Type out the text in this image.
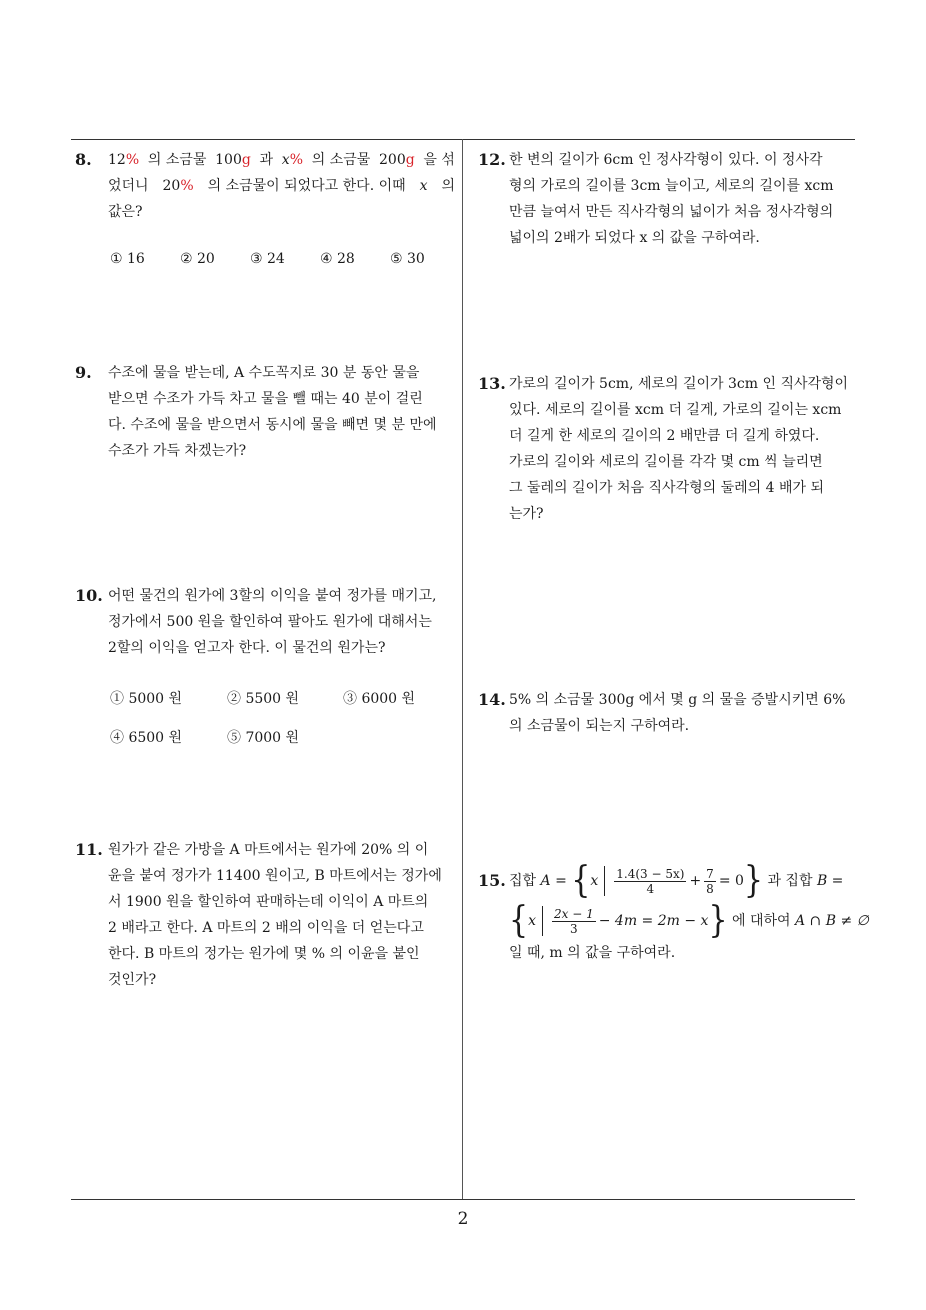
8. 12% 의 소금물 100g 과 x% 의 소금물 200g 을 섞
었더니 20% 의 소금물이 되었다고 한다. 이때 x 의
값은?
① 16	② 20	③ 24	④ 28	⑤ 30
9. 수조에 물을 받는데, A 수도꼭지로 30 분 동안 물을
받으면 수조가 가득 차고 물을 뺄 때는 40 분이 걸린
다. 수조에 물을 받으면서 동시에 물을 빼면 몇 분 만에
수조가 가득 차겠는가?
10. 어떤 물건의 원가에 3할의 이익을 붙여 정가를 매기고,
정가에서 500 원을 할인하여 팔아도 원가에 대해서는
2할의 이익을 얻고자 한다. 이 물건의 원가는?
① 5000 원	② 5500 원	③ 6000 원
④ 6500 원	⑤ 7000 원
11. 원가가 같은 가방을 A 마트에서는 원가에 20% 의 이
윤을 붙여 정가가 11400 원이고, B 마트에서는 정가에
서 1900 원을 할인하여 판매하는데 이익이 A 마트의
2 배라고 한다. A 마트의 2 배의 이익을 더 얻는다고
한다. B 마트의 정가는 원가에 몇 % 의 이윤을 붙인
것인가?
12. 한 변의 길이가 6cm 인 정사각형이 있다. 이 정사각
형의 가로의 길이를 3cm 늘이고, 세로의 길이를 xcm
만큼 늘여서 만든 직사각형의 넓이가 처음 정사각형의
넓이의 2배가 되었다 x 의 값을 구하여라.
13. 가로의 길이가 5cm, 세로의 길이가 3cm 인 직사각형이
있다. 세로의 길이를 xcm 더 길게, 가로의 길이는 xcm
더 길게 한 세로의 길이의 2 배만큼 더 길게 하였다.
가로의 길이와 세로의 길이를 각각 몇 cm 씩 늘리면
그 둘레의 길이가 처음 직사각형의 둘레의 4 배가 되
는가?
14. 5% 의 소금물 300g 에서 몇 g 의 물을 증발시키면 6%
의 소금물이 되는지 구하여라.
15. 집합
A =
{ x $\frac{1.4(3 - 5x)}{4} + \frac{7}{8} = 0$ }
과 집합
B =
{ x $\frac{2x - 1}{3} - 4m = 2m - x$ }
에 대하여
A ∩ B ≠ ∅
일 때, m 의 값을 구하여라.
2
